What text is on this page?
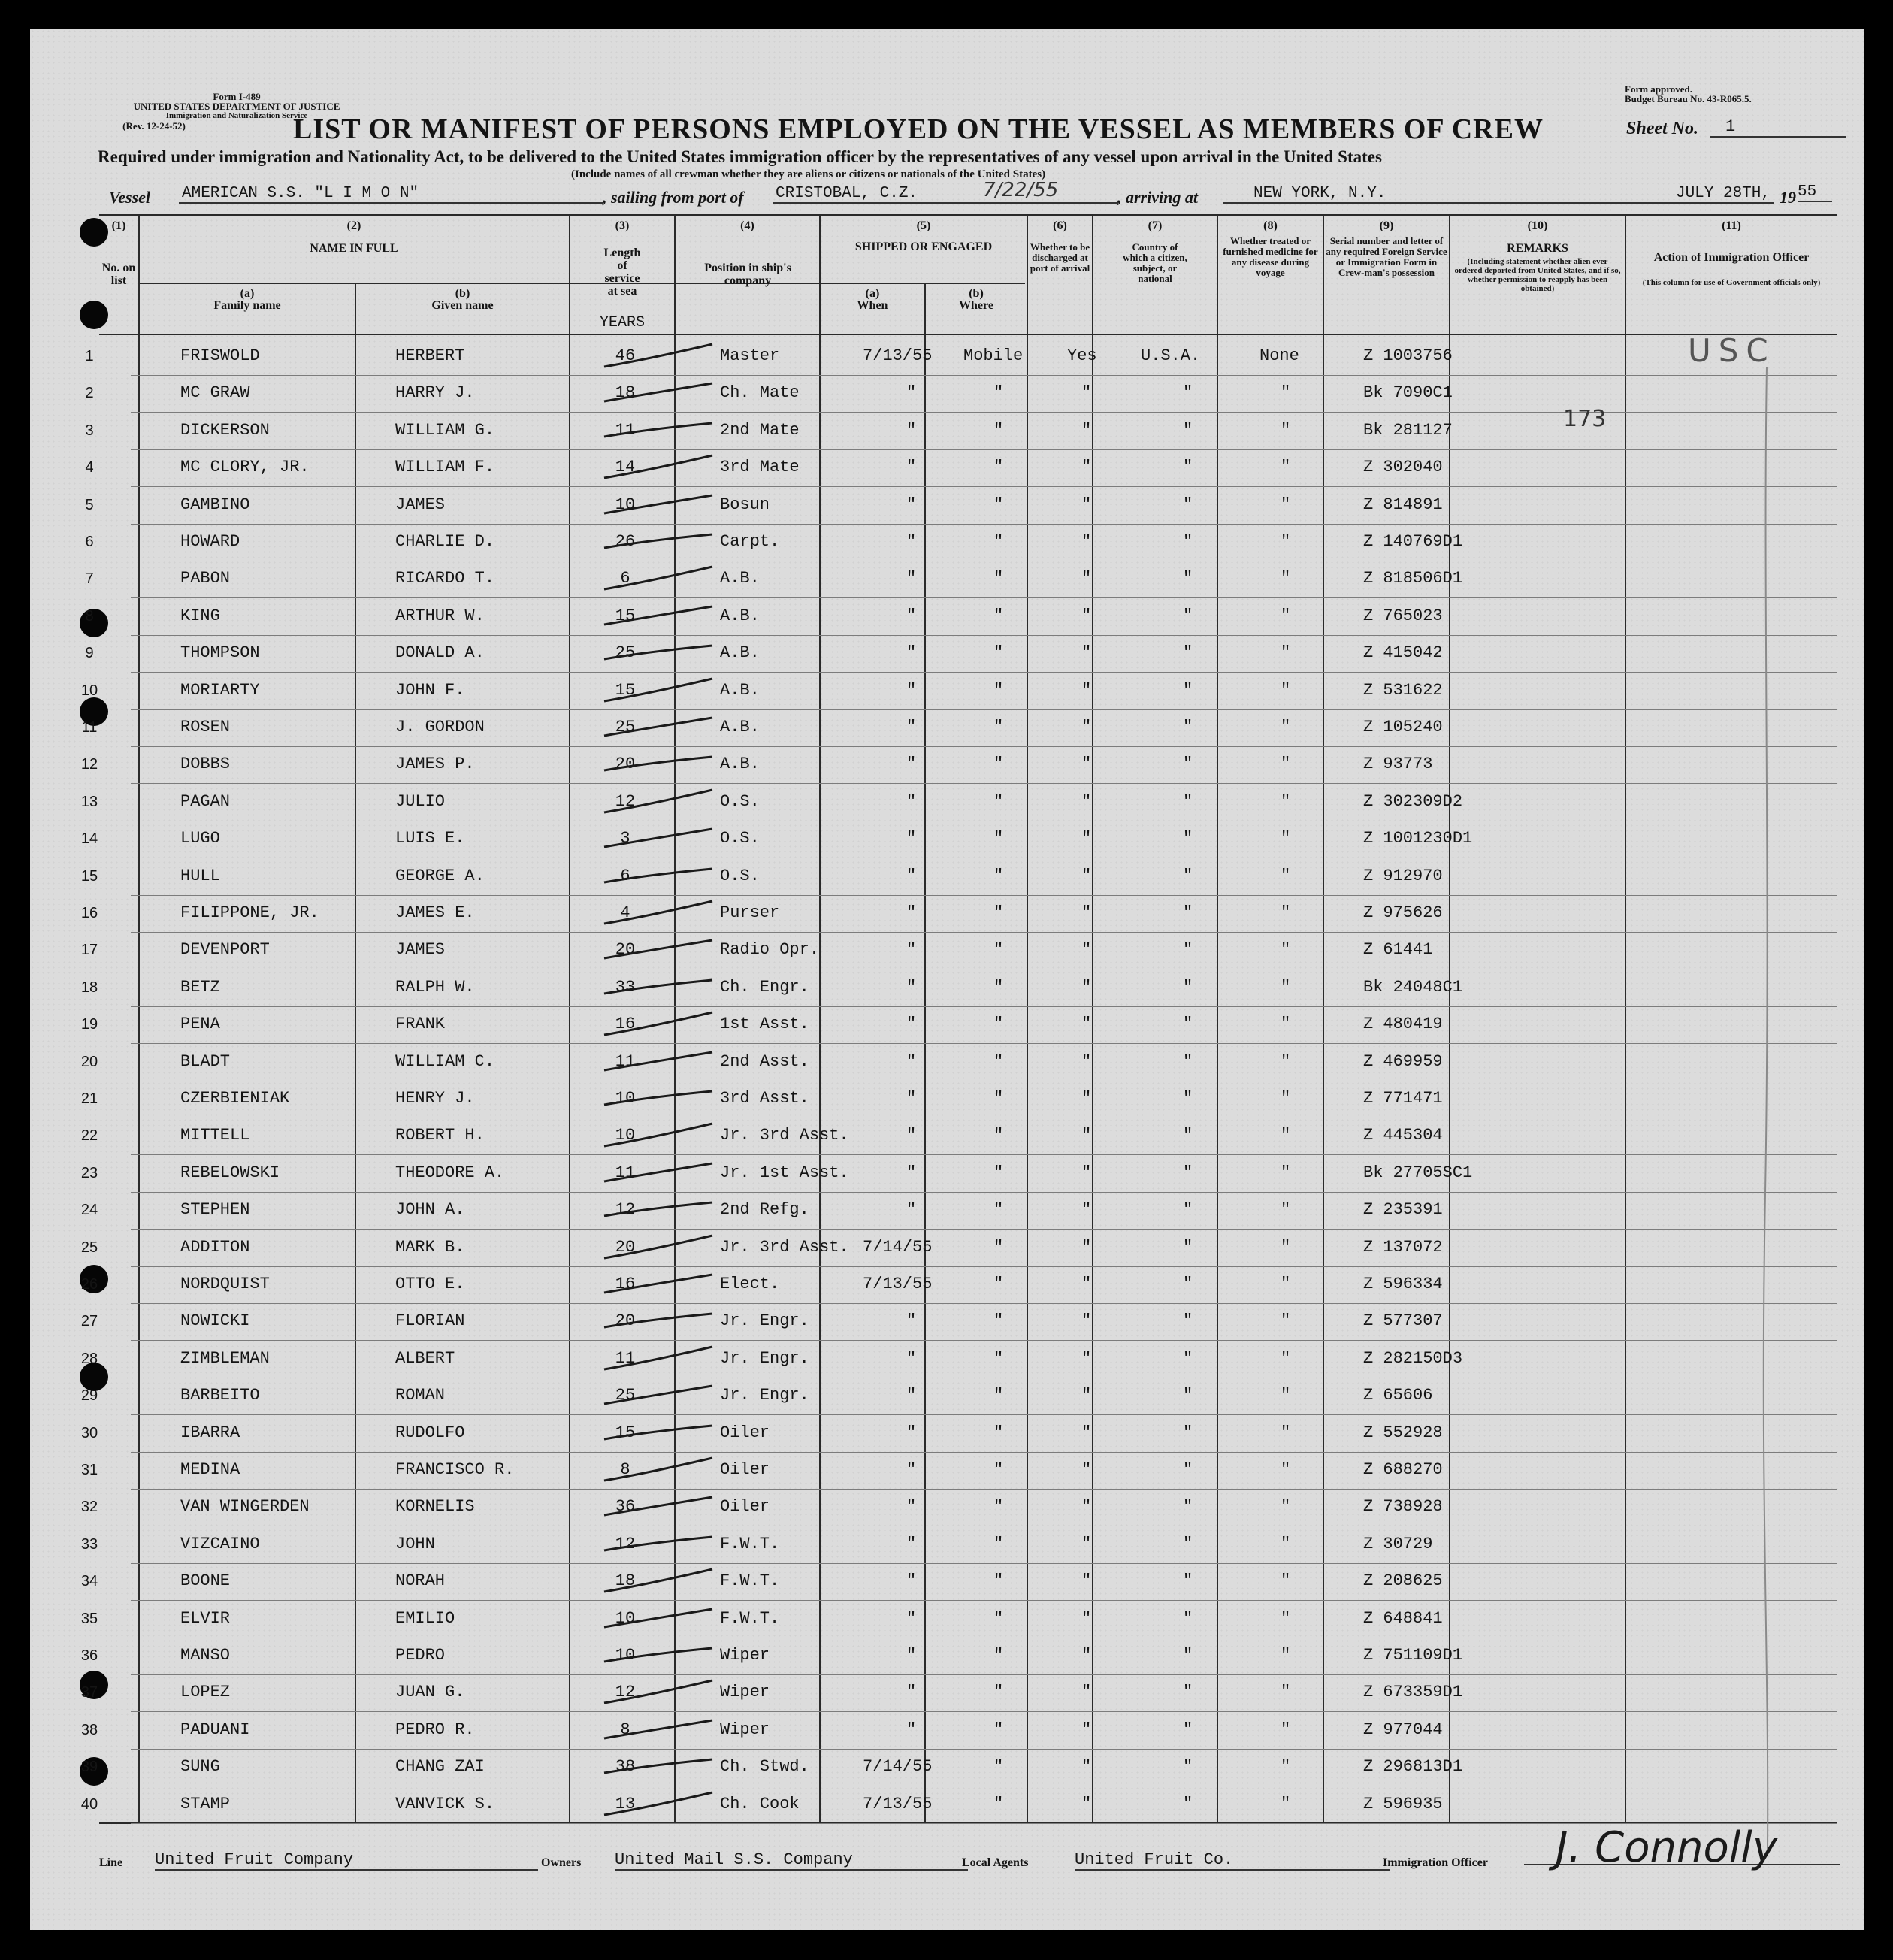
Form I-489
UNITED STATES DEPARTMENT OF JUSTICE
Immigration and Naturalization Service
(Rev. 12-24-52)
Form approved.
Budget Bureau No. 43-R065.5.
LIST OR MANIFEST OF PERSONS EMPLOYED ON THE VESSEL AS MEMBERS OF CREW	Sheet No.	1
Required under immigration and Nationality Act, to be delivered to the United States immigration officer by the representatives of any vessel upon arrival in the United States
(Include names of all crewman whether they are aliens or citizens or nationals of the United States)
Vessel AMERICAN S.S. "L I M O N"	, sailing from port of CRISTOBAL, C.Z.	7/22/55	, arriving at	NEW YORK, N.Y.	JULY 28TH, 19 55
(1)
No. on list
(2)
NAME IN FULL
(a)
Family name
(b)
Given name
(3)
Length of service at sea
YEARS
(4)
Position in ship's company
(5)
SHIPPED OR ENGAGED
(a)
When
(b)
Where
(6)
Whether to be discharged at port of arrival
(7)
Country of which a citizen, subject, or national
(8)
Whether treated or furnished medicine for any disease during voyage
(9)
Serial number and letter of any required Foreign Service or Immigration Form in Crew-man's possession
(10)
REMARKS
(Including statement whether alien ever ordered deported from United States, and if so, whether permission to reapply has been obtained)
(11)
Action of Immigration Officer
(This column for use of Government officials only)
1	FRISWOLD	HERBERT	46	Master	7/13/55 Mobile	Yes	U.S.A.	None	Z 1003756
2	MC GRAW	HARRY J.	18	Ch. Mate	"	"	"	"	"	Bk 7090C1
3	DICKERSON	WILLIAM G.	11	2nd Mate	"	"	"	"	"	Bk 281127
4	MC CLORY, JR.	WILLIAM F.	14	3rd Mate	"	"	"	"	"	Z 302040
5	GAMBINO	JAMES	10	Bosun	"	"	"	"	"	Z 814891
6	HOWARD	CHARLIE D.	26	Carpt.	"	"	"	"	"	Z 140769D1
7	PABON	RICARDO T.	6	A.B.	"	"	"	"	"	Z 818506D1
8	KING	ARTHUR W.	15	A.B.	"	"	"	"	"	Z 765023
9	THOMPSON	DONALD A.	25	A.B.	"	"	"	"	"	Z 415042
10	MORIARTY	JOHN F.	15	A.B.	"	"	"	"	"	Z 531622
11	ROSEN	J. GORDON	25	A.B.	"	"	"	"	"	Z 105240
12	DOBBS	JAMES P.	20	A.B.	"	"	"	"	"	Z 93773
13	PAGAN	JULIO	12	O.S.	"	"	"	"	"	Z 302309D2
14	LUGO	LUIS E.	3	O.S.	"	"	"	"	"	Z 1001230D1
15	HULL	GEORGE A.	6	O.S.	"	"	"	"	"	Z 912970
16	FILIPPONE, JR.	JAMES E.	4	Purser	"	"	"	"	"	Z 975626
17	DEVENPORT	JAMES	20	Radio Opr.	"	"	"	"	"	Z 61441
18	BETZ	RALPH W.	33	Ch. Engr.	"	"	"	"	"	Bk 24048C1
19	PENA	FRANK	16	1st Asst.	"	"	"	"	"	Z 480419
20	BLADT	WILLIAM C.	11	2nd Asst.	"	"	"	"	"	Z 469959
21	CZERBIENIAK	HENRY J.	10	3rd Asst.	"	"	"	"	"	Z 771471
22	MITTELL	ROBERT H.	10	Jr. 3rd Asst.	"	"	"	"	"	Z 445304
23	REBELOWSKI	THEODORE A.	11	Jr. 1st Asst.	"	"	"	"	"	Bk 27705SC1
24	STEPHEN	JOHN A.	12	2nd Refg.	"	"	"	"	"	Z 235391
25	ADDITON	MARK B.	20	Jr. 3rd Asst. 7/14/55	"	"	"	"	Z 137072
26	NORDQUIST	OTTO E.	16	Elect.	7/13/55	"	"	"	"	Z 596334
27	NOWICKI	FLORIAN	20	Jr. Engr.	"	"	"	"	"	Z 577307
28	ZIMBLEMAN	ALBERT	11	Jr. Engr.	"	"	"	"	"	Z 282150D3
29	BARBEITO	ROMAN	25	Jr. Engr.	"	"	"	"	"	Z 65606
30	IBARRA	RUDOLFO	15	Oiler	"	"	"	"	"	Z 552928
31	MEDINA	FRANCISCO R.	8	Oiler	"	"	"	"	"	Z 688270
32	VAN WINGERDEN	KORNELIS	36	Oiler	"	"	"	"	"	Z 738928
33	VIZCAINO	JOHN	12	F.W.T.	"	"	"	"	"	Z 30729
34	BOONE	NORAH	18	F.W.T.	"	"	"	"	"	Z 208625
35	ELVIR	EMILIO	10	F.W.T.	"	"	"	"	"	Z 648841
36	MANSO	PEDRO	10	Wiper	"	"	"	"	"	Z 751109D1
37	LOPEZ	JUAN G.	12	Wiper	"	"	"	"	"	Z 673359D1
38	PADUANI	PEDRO R.	8	Wiper	"	"	"	"	"	Z 977044
39	SUNG	CHANG ZAI	38	Ch. Stwd.	7/14/55	"	"	"	"	Z 296813D1
40	STAMP	VANVICK S.	13	Ch. Cook	7/13/55	"	"	"	"	Z 596935
USC
173
Line United Fruit Company	Owners United Mail S.S. Company	Local Agents	United Fruit Co.	Immigration Officer J. Connolly
